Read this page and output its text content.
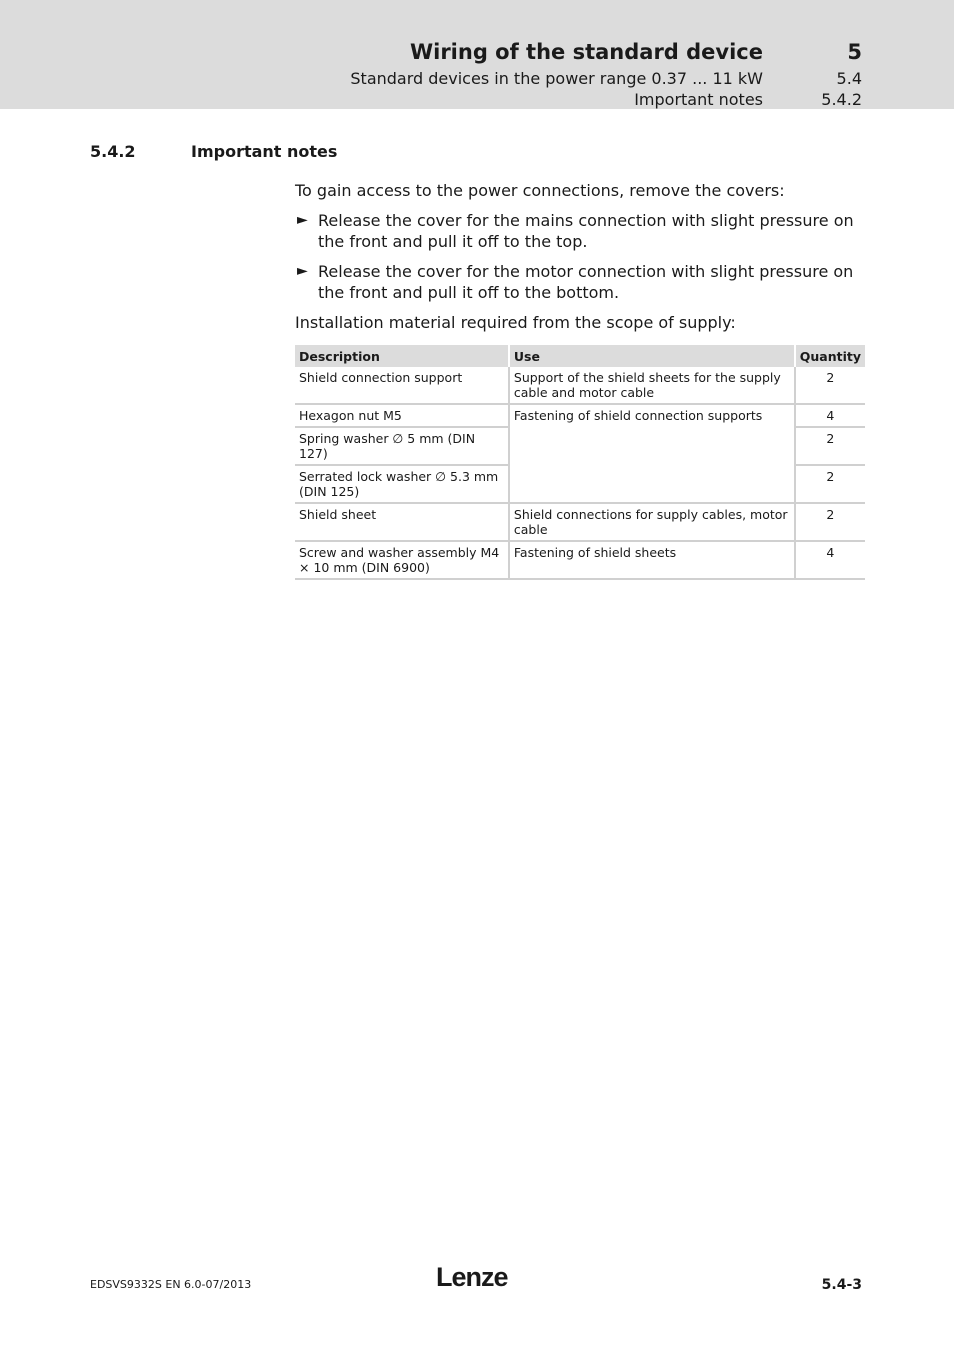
Wiring of the standard device	5
Standard devices in the power range 0.37 ... 11 kW	5.4
Important notes	5.4.2
5.4.2	Important notes

To gain access to the power connections, remove the covers:

► Release the cover for the mains connection with slight pressure on the front and pull it off to the top.
► Release the cover for the motor connection with slight pressure on the front and pull it off to the bottom.

Installation material required from the scope of supply:

Description	Use	Quantity
Shield connection support	Support of the shield sheets for the supply cable and motor cable	2
Hexagon nut M5	Fastening of shield connection supports	4
Spring washer ∅ 5 mm (DIN 127)		2
Serrated lock washer ∅ 5.3 mm (DIN 125)		2
Shield sheet	Shield connections for supply cables, motor cable	2
Screw and washer assembly M4 × 10 mm (DIN 6900)	Fastening of shield sheets	4
EDSVS9332S EN 6.0-07/2013	Lenze	5.4-3
